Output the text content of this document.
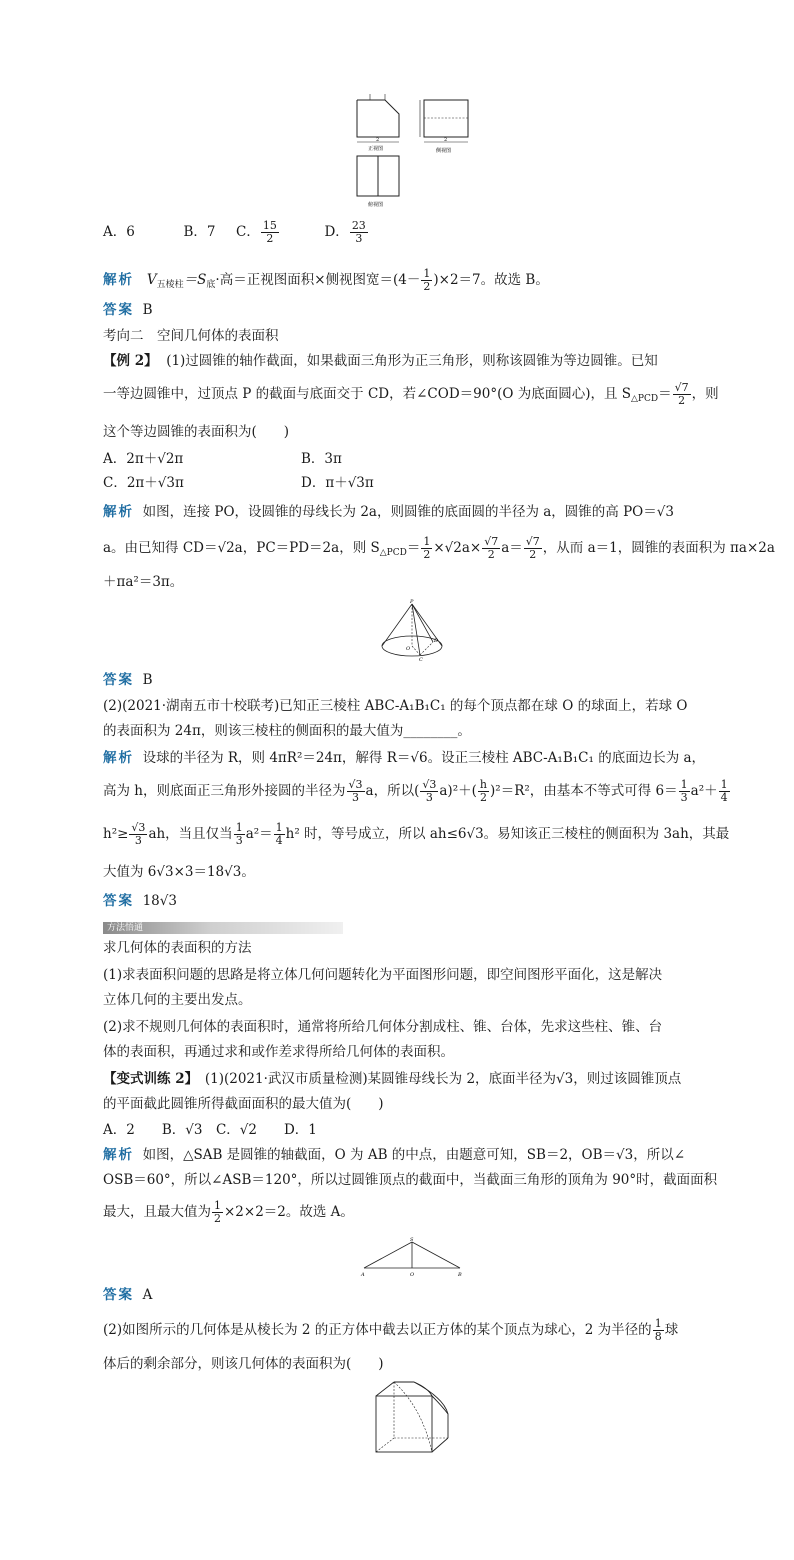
2
正视图
2
侧视图
俯视图
A．6	B．7 C． $\frac{15}{2}$	D． $\frac{23}{3}$
解析 $V_{五棱柱}=S_底\cdot$高＝正视图面积×侧视图宽$=(4- \frac{1}{2} )\times 2=7$。故选 B。
答案 B
考向二　空间几何体的表面积
【例 2】 (1)过圆锥的轴作截面，如果截面三角形为正三角形，则称该圆锥为等边圆锥。已知
一等边圆锥中，过顶点 P 的截面与底面交于 CD，若∠COD＝90°(O 为底面圆心)，且 $S_{\triangle PCD}= \frac{√7}{2}$ ，则
这个等边圆锥的表面积为(　　)
A．2π＋√2π	B．3π
C．2π＋√3π	D．π＋√3π
解析 如图，连接 PO，设圆锥的母线长为 2a，则圆锥的底面圆的半径为 a，圆锥的高 PO＝√3
a。由已知得 CD＝√2a，PC＝PD＝2a，则 $S_{\triangle PCD}= \frac{1}{2} \times√2a\times \frac{√7}{2} a= \frac{√7}{2}$ ，从而 a＝1，圆锥的表面积为 πa×2a
＋πa²＝3π。
P
O
C
D
答案 B
(2)(2021·湖南五市十校联考)已知正三棱柱 ABC-A₁B₁C₁ 的每个顶点都在球 O 的球面上，若球 O
的表面积为 24π，则该三棱柱的侧面积的最大值为________。
解析 设球的半径为 R，则 4πR²＝24π，解得 R＝√6。设正三棱柱 ABC-A₁B₁C₁ 的底面边长为 a，
高为 h，则底面正三角形外接圆的半径为 $\frac{√3}{3}$ a，所以( $\frac{√3}{3} a)^2+( \frac{h}{2} )^2=R^2$，由基本不等式可得 $6= \frac{1}{3} a^2+ \frac{1}{4}$
$h^2\ge \frac{√3}{3}$ ah，当且仅当 $\frac{1}{3} a^2= \frac{1}{4} h^2$ 时，等号成立，所以 ah≤6√3。易知该正三棱柱的侧面积为 3ah，其最
大值为 6√3×3＝18√3。
答案 18√3
方法悟通
求几何体的表面积的方法
(1)求表面积问题的思路是将立体几何问题转化为平面图形问题，即空间图形平面化，这是解决
立体几何的主要出发点。
(2)求不规则几何体的表面积时，通常将所给几何体分割成柱、锥、台体，先求这些柱、锥、台
体的表面积，再通过求和或作差求得所给几何体的表面积。
【变式训练 2】　(1)(2021·武汉市质量检测)某圆锥母线长为 2，底面半径为√3，则过该圆锥顶点
的平面截此圆锥所得截面面积的最大值为(　　)
A．2　　B．√3　C．√2　　D．1
解析 如图，△SAB 是圆锥的轴截面，O 为 AB 的中点，由题意可知，SB＝2，OB＝√3，所以∠
OSB＝60°，所以∠ASB＝120°，所以过圆锥顶点的截面中，当截面三角形的顶角为 90°时，截面面积
最大，且最大值为 $\frac{1}{2} \times 2\times 2=2$。故选 A。
S
A	O	B
答案 A
(2)如图所示的几何体是从棱长为 2 的正方体中截去以正方体的某个顶点为球心，2 为半径的 $\frac{1}{8}$ 球
体后的剩余部分，则该几何体的表面积为(　　)
